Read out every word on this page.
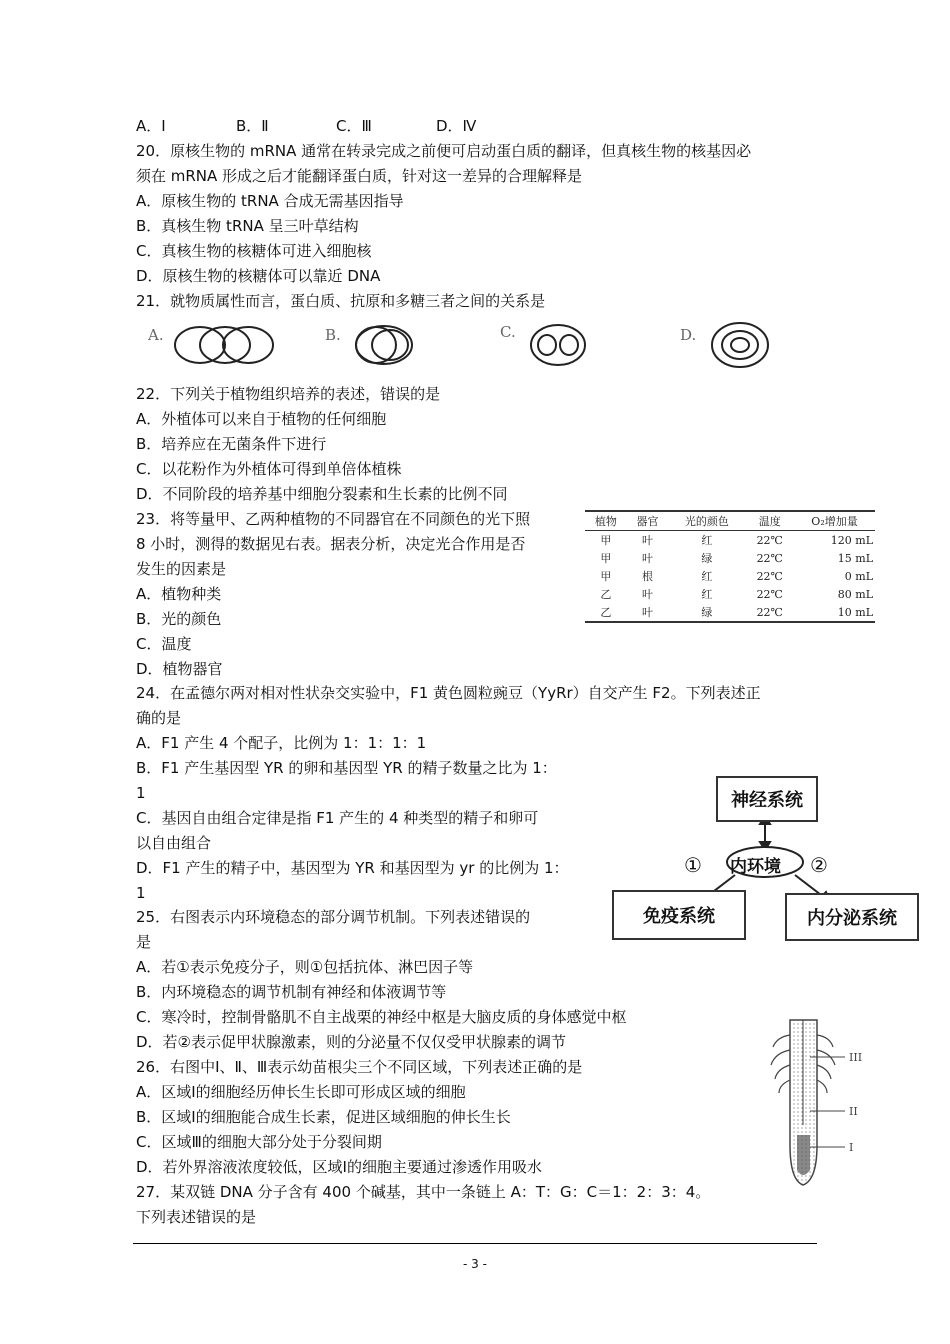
A．Ⅰ	B．Ⅱ	C．Ⅲ	D．Ⅳ
20．原核生物的 mRNA 通常在转录完成之前便可启动蛋白质的翻译，但真核生物的核基因必
须在 mRNA 形成之后才能翻译蛋白质，针对这一差异的合理解释是
A．原核生物的 tRNA 合成无需基因指导
B．真核生物 tRNA 呈三叶草结构
C．真核生物的核糖体可进入细胞核
D．原核生物的核糖体可以靠近 DNA
21．就物质属性而言，蛋白质、抗原和多糖三者之间的关系是
A.	B.	C.	D.
22．下列关于植物组织培养的表述，错误的是
A．外植体可以来自于植物的任何细胞
B．培养应在无菌条件下进行
C．以花粉作为外植体可得到单倍体植株
D．不同阶段的培养基中细胞分裂素和生长素的比例不同
23．将等量甲、乙两种植物的不同器官在不同颜色的光下照
8 小时，测得的数据见右表。据表分析，决定光合作用是否
发生的因素是
A．植物种类
B．光的颜色
C．温度
D．植物器官
植物	器官	光的颜色	温度	O₂增加量
甲	叶	红	22℃	120 mL
甲	叶	绿	22℃	15 mL
甲	根	红	22℃	0 mL
乙	叶	红	22℃	80 mL
乙	叶	绿	22℃	10 mL
24．在孟德尔两对相对性状杂交实验中，F1 黄色圆粒豌豆（YyRr）自交产生 F2。下列表述正
确的是
A．F1 产生 4 个配子，比例为 1：1：1：1
B．F1 产生基因型 YR 的卵和基因型 YR 的精子数量之比为 1：
1
C．基因自由组合定律是指 F1 产生的 4 种类型的精子和卵可
以自由组合
D．F1 产生的精子中，基因型为 YR 和基因型为 yr 的比例为 1：
1
神经系统
内环境
①	②
免疫系统	内分泌系统
25．右图表示内环境稳态的部分调节机制。下列表述错误的
是
A．若①表示免疫分子，则①包括抗体、淋巴因子等
B．内环境稳态的调节机制有神经和体液调节等
C．寒冷时，控制骨骼肌不自主战栗的神经中枢是大脑皮质的身体感觉中枢
D．若②表示促甲状腺激素，则的分泌量不仅仅受甲状腺素的调节
III
II
I
26．右图中Ⅰ、Ⅱ、Ⅲ表示幼苗根尖三个不同区域，下列表述正确的是
A．区域Ⅰ的细胞经历伸长生长即可形成区域的细胞
B．区域Ⅰ的细胞能合成生长素，促进区域细胞的伸长生长
C．区域Ⅲ的细胞大部分处于分裂间期
D．若外界溶液浓度较低，区域Ⅰ的细胞主要通过渗透作用吸水
27．某双链 DNA 分子含有 400 个碱基，其中一条链上 A：T：G：C＝1：2：3：4。
下列表述错误的是
- 3 -
